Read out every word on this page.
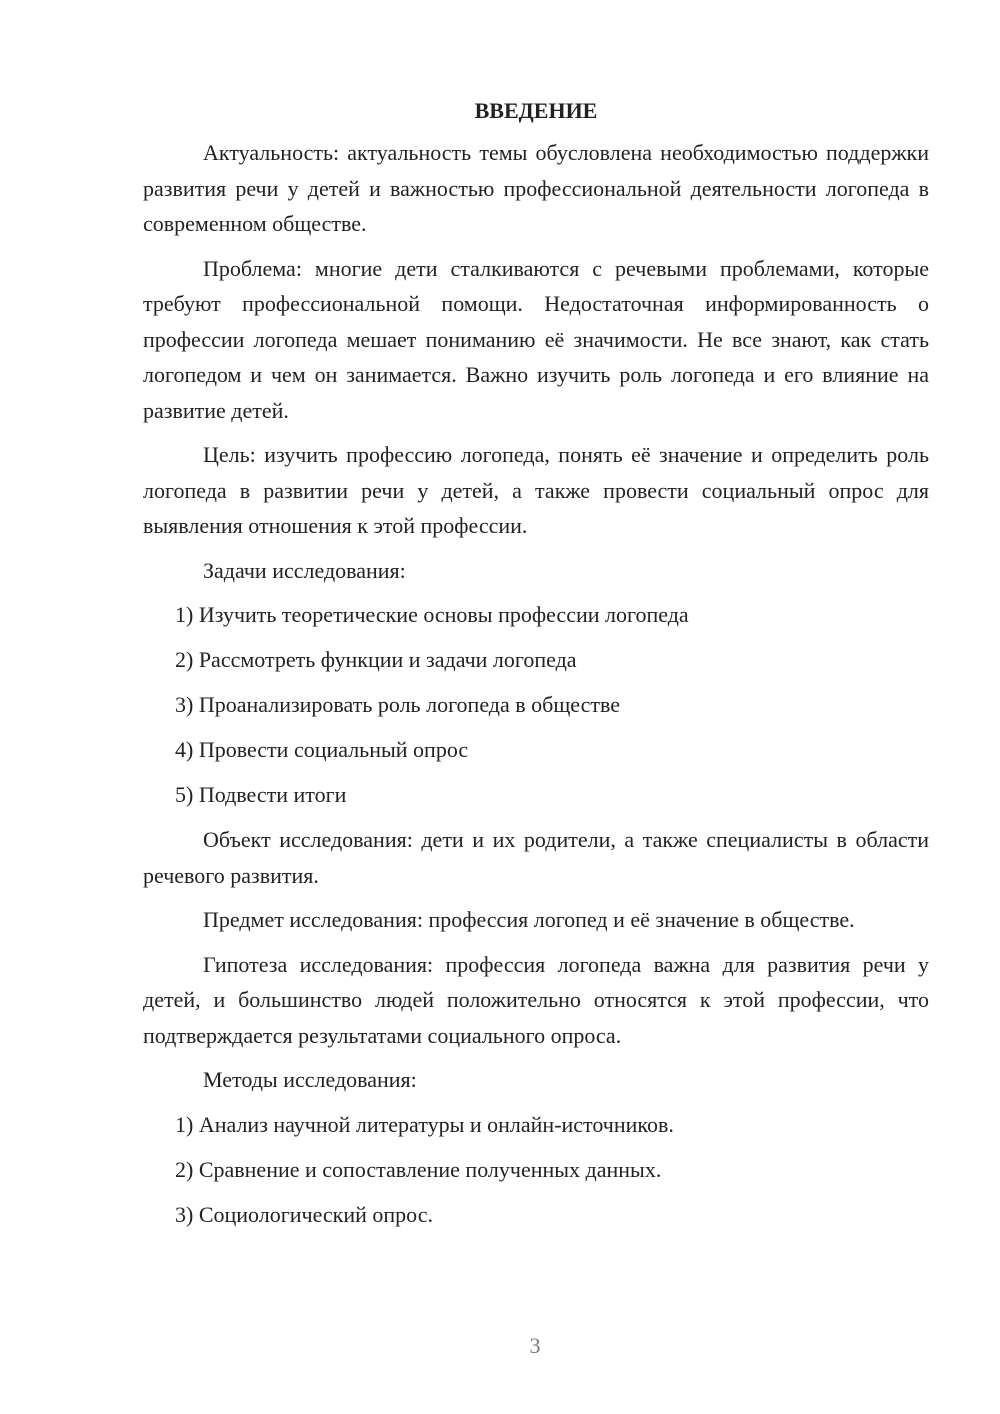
ВВЕДЕНИЕ

Актуальность: актуальность темы обусловлена необходимостью поддержки развития речи у детей и важностью профессиональной деятельности логопеда в современном обществе.

Проблема: многие дети сталкиваются с речевыми проблемами, которые требуют профессиональной помощи. Недостаточная информированность о профессии логопеда мешает пониманию её значимости. Не все знают, как стать логопедом и чем он занимается. Важно изучить роль логопеда и его влияние на развитие детей.

Цель: изучить профессию логопеда, понять её значение и определить роль логопеда в развитии речи у детей, а также провести социальный опрос для выявления отношения к этой профессии.

Задачи исследования:

1) Изучить теоретические основы профессии логопеда
2) Рассмотреть функции и задачи логопеда
3) Проанализировать роль логопеда в обществе
4) Провести социальный опрос
5) Подвести итоги

Объект исследования: дети и их родители, а также специалисты в области речевого развития.

Предмет исследования: профессия логопед и её значение в обществе.

Гипотеза исследования: профессия логопеда важна для развития речи у детей, и большинство людей положительно относятся к этой профессии, что подтверждается результатами социального опроса.

Методы исследования:

1) Анализ научной литературы и онлайн-источников.
2) Сравнение и сопоставление полученных данных.
3) Социологический опрос.
3
